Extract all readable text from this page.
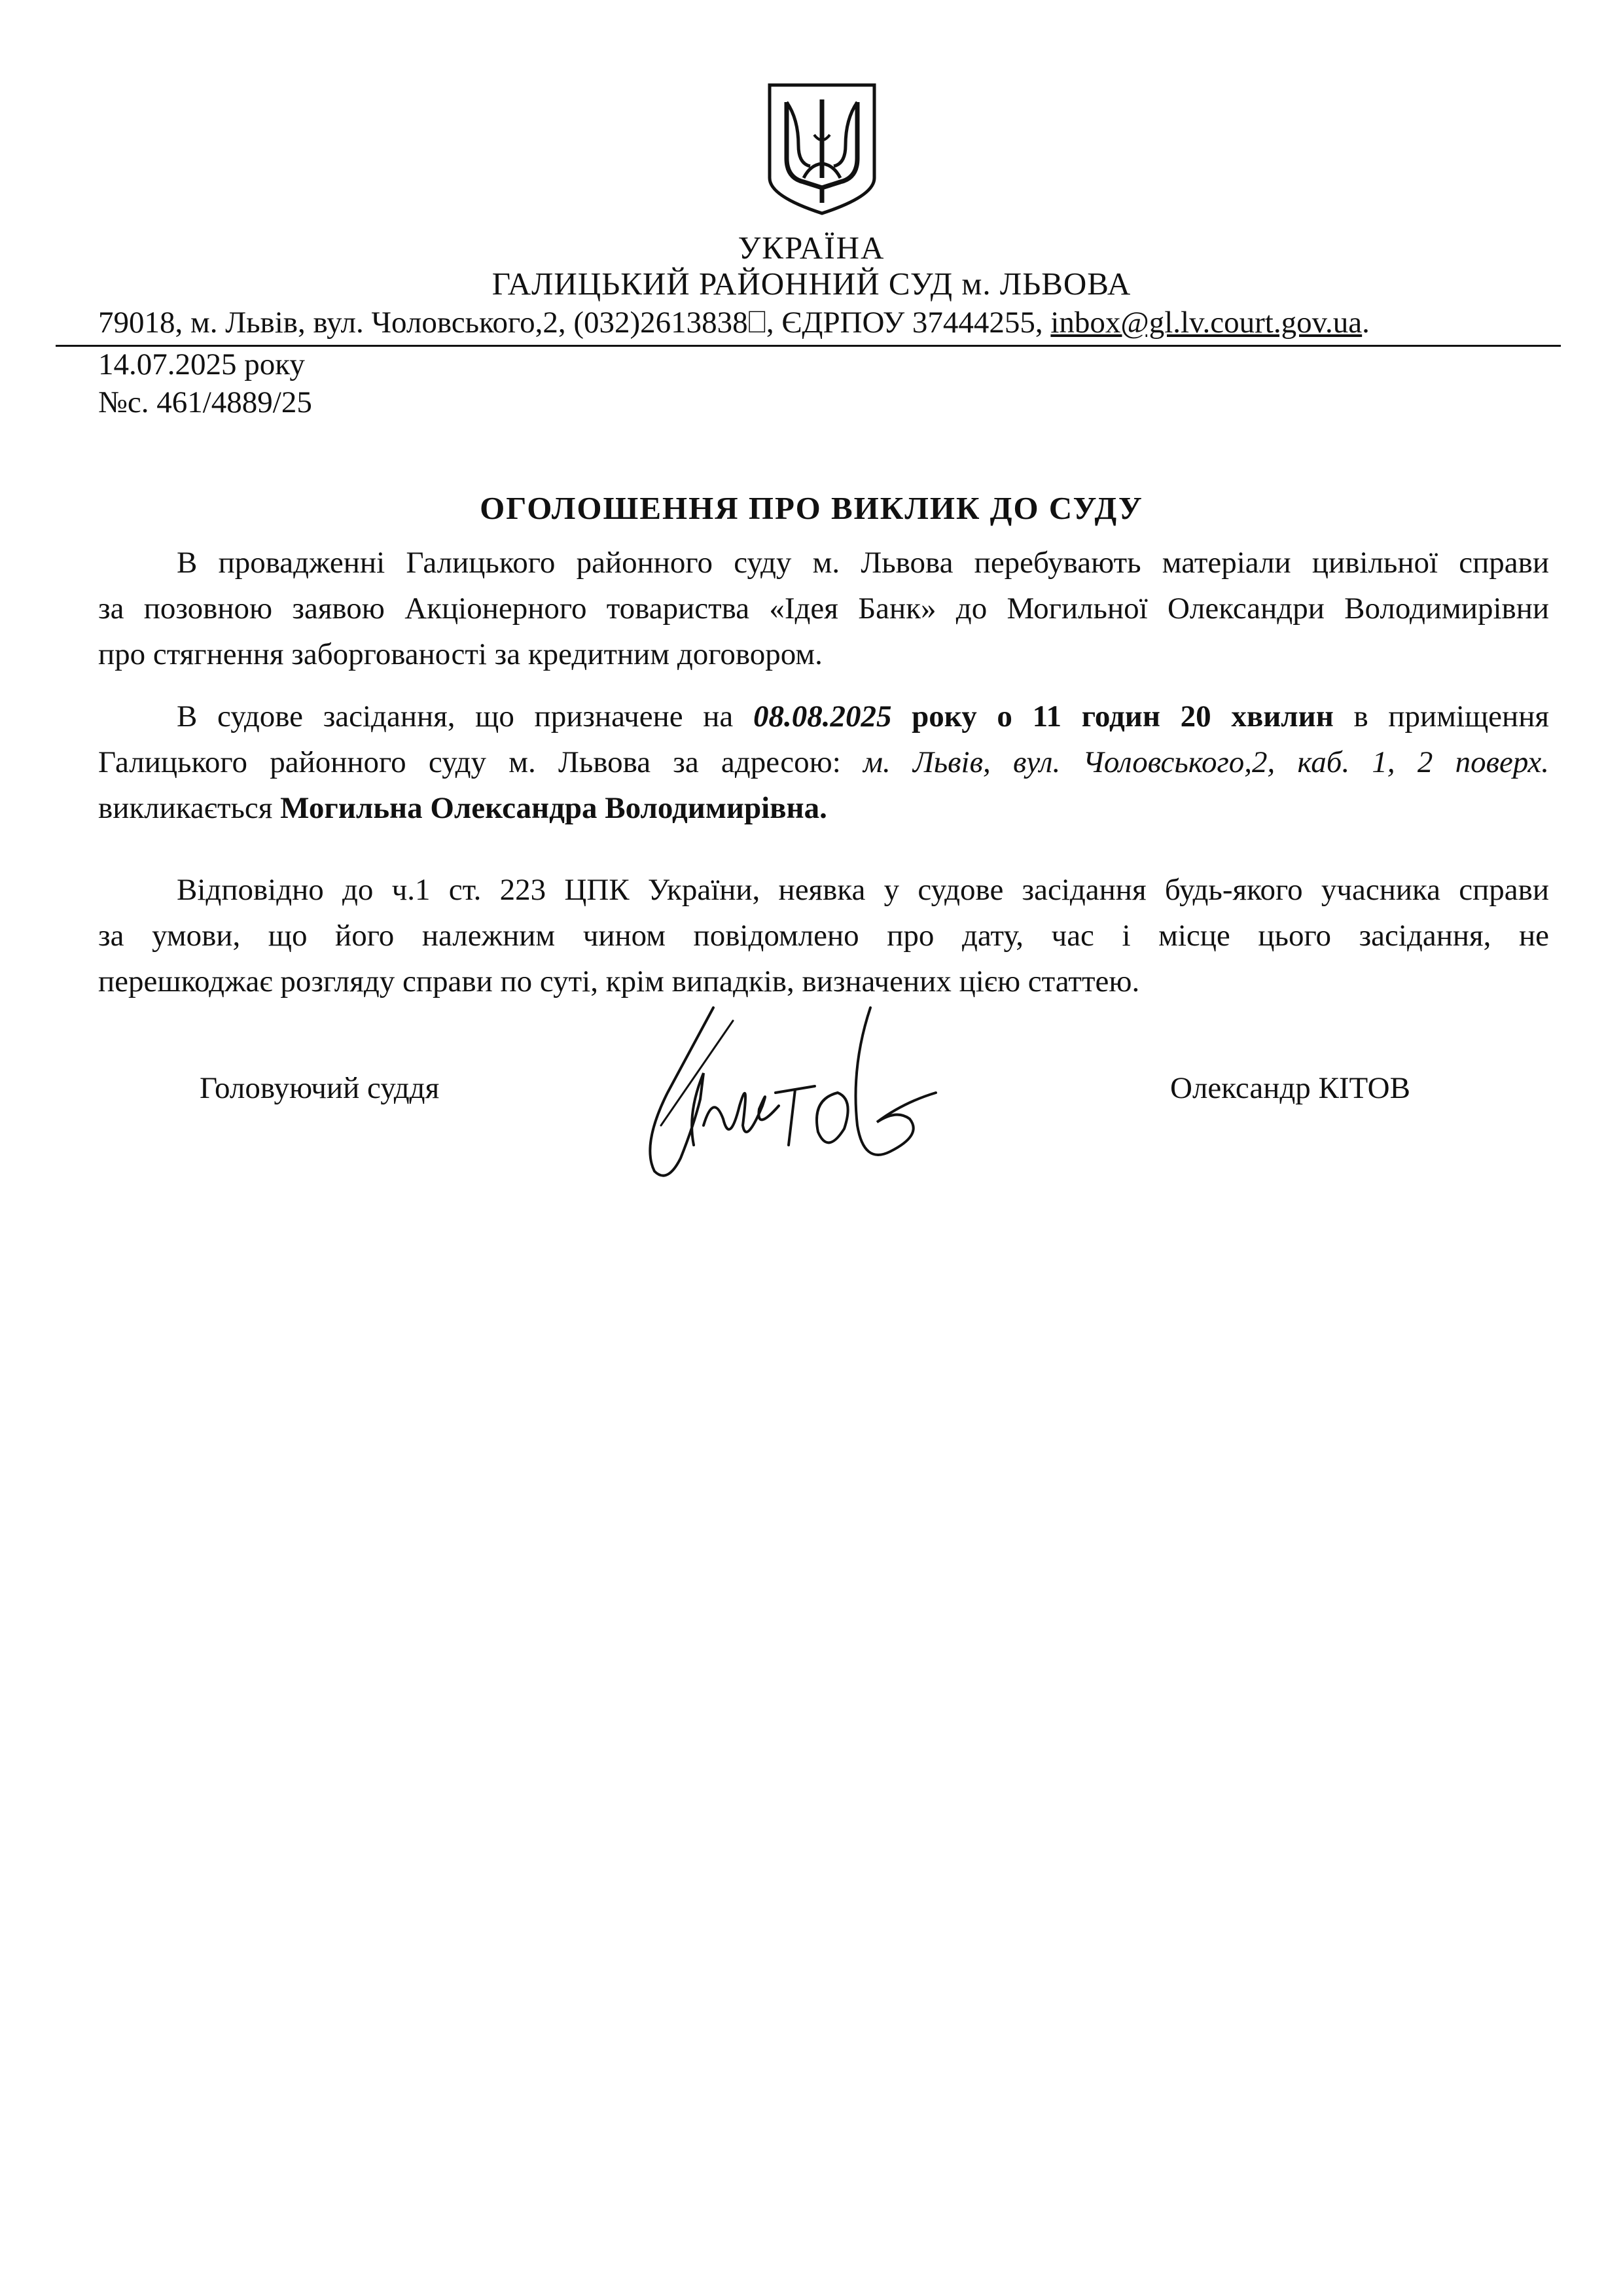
УКРАЇНА
ГАЛИЦЬКИЙ РАЙОННИЙ СУД м. ЛЬВОВА
79018, м. Львів, вул. Чоловського,2, (032)2613838⎕, ЄДРПОУ 37444255, inbox@gl.lv.court.gov.ua.
14.07.2025 року
№с. 461/4889/25
ОГОЛОШЕННЯ ПРО ВИКЛИК ДО СУДУ
В провадженні Галицького районного суду м. Львова перебувають матеріали цивільної справи
за позовною заявою Акціонерного товариства «Ідея Банк» до Могильної Олександри Володимирівни
про стягнення заборгованості за кредитним договором.
В судове засідання, що призначене на 08.08.2025 року о 11 годин 20 хвилин в приміщення
Галицького районного суду м. Львова за адресою: м. Львів, вул. Чоловського,2, каб. 1, 2 поверх.
викликається Могильна Олександра Володимирівна.
Відповідно до ч.1 ст. 223 ЦПК України, неявка у судове засідання будь-якого учасника справи
за умови, що його належним чином повідомлено про дату, час і місце цього засідання, не
перешкоджає розгляду справи по суті, крім випадків, визначених цією статтею.
Головуючий суддя	Олександр КІТОВ
